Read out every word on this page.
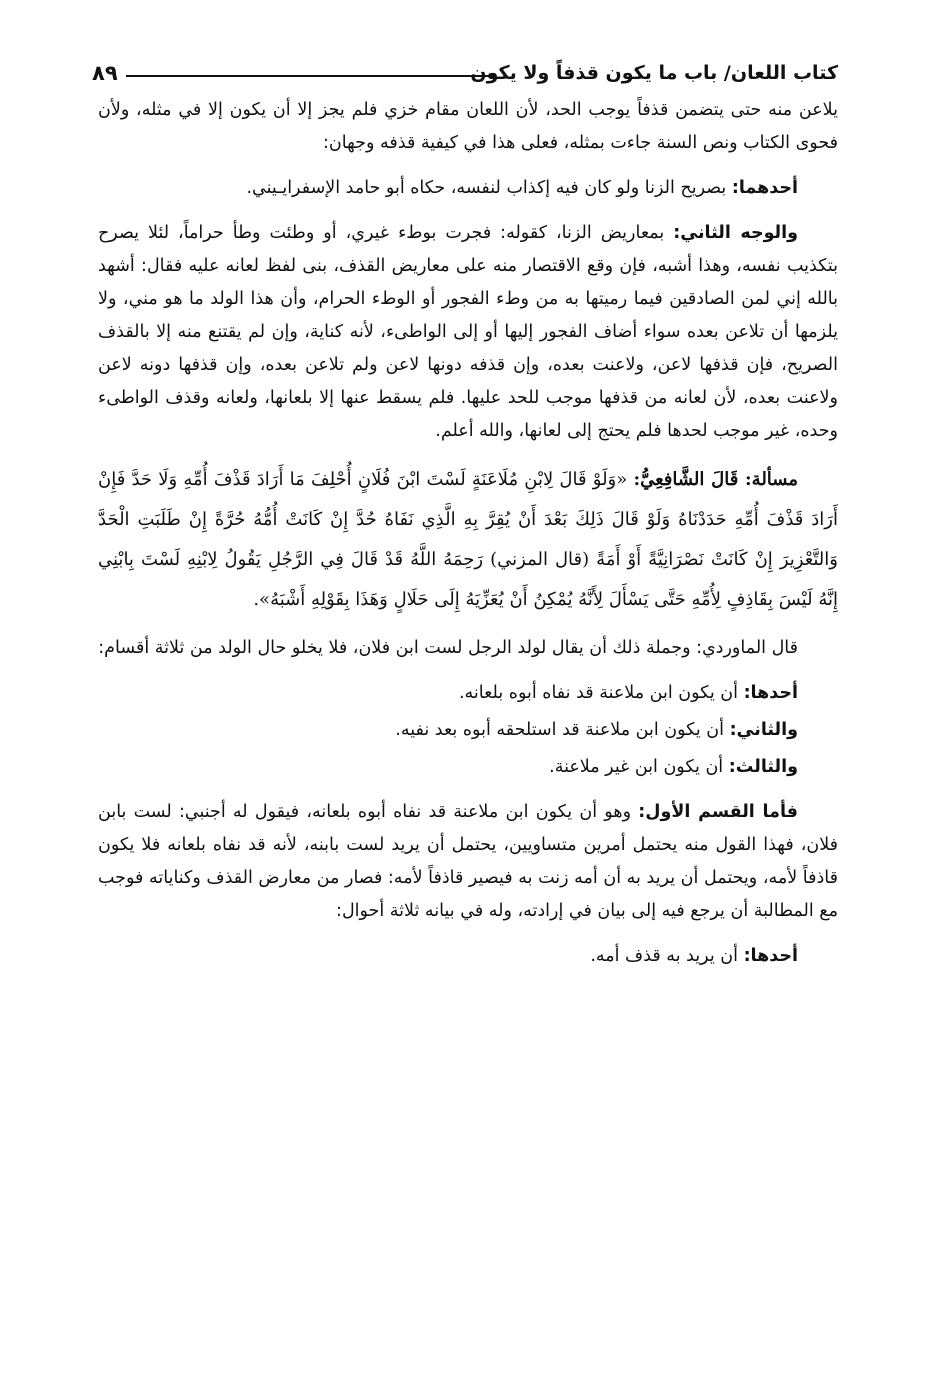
٨٩	كتاب اللعان/ باب ما يكون قذفاً ولا يكون

يلاعن منه حتى يتضمن قذفاً يوجب الحد، لأن اللعان مقام خزي فلم يجز إلا أن يكون إلا في مثله، ولأن فحوى الكتاب ونص السنة جاءت بمثله، فعلى هذا في كيفية قذفه وجهان:

أحدهما: بصريح الزنا ولو كان فيه إكذاب لنفسه، حكاه أبو حامد الإسفرايـيني.

والوجه الثاني: بمعاريض الزنا، كقوله: فجرت بوطء غيري، أو وطئت وطأ حراماً، لئلا يصرح بتكذيب نفسه، وهذا أشبه، فإن وقع الاقتصار منه على معاريض القذف، بنى لفظ لعانه عليه فقال: أشهد بالله إني لمن الصادقين فيما رميتها به من وطء الفجور أو الوطء الحرام، وأن هذا الولد ما هو مني، ولا يلزمها أن تلاعن بعده سواء أضاف الفجور إليها أو إلى الواطىء، لأنه كناية، وإن لم يقتنع منه إلا بالقذف الصريح، فإن قذفها لاعن، ولاعنت بعده، وإن قذفه دونها لاعن ولم تلاعن بعده، وإن قذفها دونه لاعن ولاعنت بعده، لأن لعانه من قذفها موجب للحد عليها. فلم يسقط عنها إلا بلعانها، ولعانه وقذف الواطىء وحده، غير موجب لحدها فلم يحتج إلى لعانها، والله أعلم.

مسألة: قَالَ الشَّافِعِيُّ: «وَلَوْ قَالَ لِابْنِ مُلَاعَنَةٍ لَسْتَ ابْنَ فُلَانٍ أُحْلِفَ مَا أَرَادَ قَذْفَ أُمِّهِ وَلَا حَدَّ فَإِنْ أَرَادَ قَذْفَ أُمِّهِ حَدَدْنَاهُ وَلَوْ قَالَ ذَلِكَ بَعْدَ أَنْ يُقِرَّ بِهِ الَّذِي نَفَاهُ حُدَّ إِنْ كَانَتْ أُمُّهُ حُرَّةً إِنْ طَلَبَتِ الْحَدَّ وَالتَّعْزِيرَ إِنْ كَانَتْ نَصْرَانِيَّةً أَوْ أَمَةً (قال المزني) رَحِمَهُ اللَّهُ قَدْ قَالَ فِي الرَّجُلِ يَقُولُ لِابْنِهِ لَسْتَ بِابْنِي إِنَّهُ لَيْسَ بِقَاذِفٍ لِأُمِّهِ حَتَّى يَسْأَلَ لِأَنَّهُ يُمْكِنُ أَنْ يُعَزِّيَهُ إِلَى حَلَالٍ وَهَذَا بِقَوْلِهِ أَشْبَهُ».

قال الماوردي: وجملة ذلك أن يقال لولد الرجل لست ابن فلان، فلا يخلو حال الولد من ثلاثة أقسام:

أحدها: أن يكون ابن ملاعنة قد نفاه أبوه بلعانه.

والثاني: أن يكون ابن ملاعنة قد استلحقه أبوه بعد نفيه.

والثالث: أن يكون ابن غير ملاعنة.

فأما القسم الأول: وهو أن يكون ابن ملاعنة قد نفاه أبوه بلعانه، فيقول له أجنبي: لست بابن فلان، فهذا القول منه يحتمل أمرين متساويين، يحتمل أن يريد لست بابنه، لأنه قد نفاه بلعانه فلا يكون قاذفاً لأمه، ويحتمل أن يريد به أن أمه زنت به فيصير قاذفاً لأمه: فصار من معارض القذف وكناياته فوجب مع المطالبة أن يرجع فيه إلى بيان في إرادته، وله في بيانه ثلاثة أحوال:

أحدها: أن يريد به قذف أمه.
